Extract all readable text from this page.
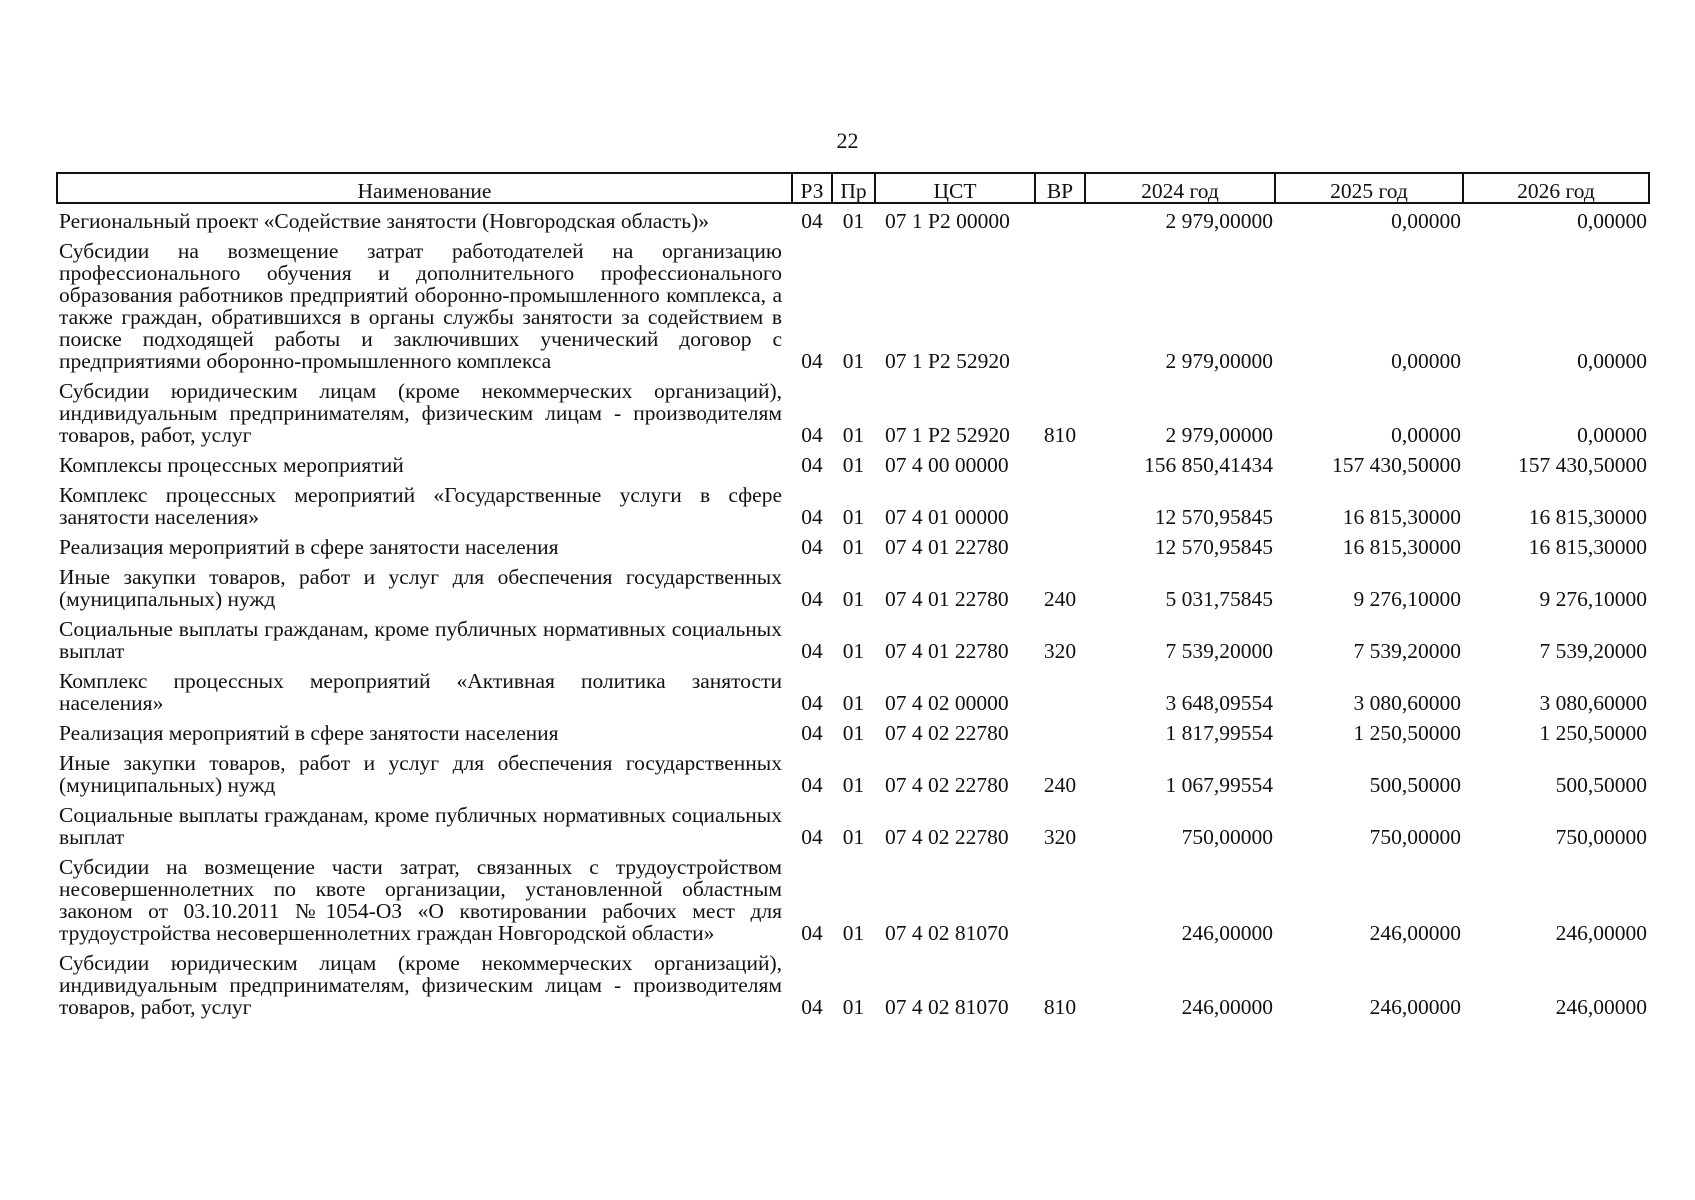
22
Наименование	РЗ	Пр	ЦСТ	ВР	2024 год	2025 год	2026 год
Региональный проект «Содействие занятости (Новгородская область)»	04	01	07 1 P2 00000		2 979,00000	0,00000	0,00000
Субсидии на возмещение затрат работодателей на организацию профессионального обучения и дополнительного профессионального образования работников предприятий оборонно-промышленного комплекса, а также граждан, обратившихся в органы службы занятости за содействием в поиске подходящей работы и заключивших ученический договор с предприятиями оборонно-промышленного комплекса	04	01	07 1 P2 52920		2 979,00000	0,00000	0,00000
Субсидии юридическим лицам (кроме некоммерческих организаций), индивидуальным предпринимателям, физическим лицам - производителям товаров, работ, услуг	04	01	07 1 P2 52920	810	2 979,00000	0,00000	0,00000
Комплексы процессных мероприятий	04	01	07 4 00 00000		156 850,41434	157 430,50000	157 430,50000
Комплекс процессных мероприятий «Государственные услуги в сфере занятости населения»	04	01	07 4 01 00000		12 570,95845	16 815,30000	16 815,30000
Реализация мероприятий в сфере занятости населения	04	01	07 4 01 22780		12 570,95845	16 815,30000	16 815,30000
Иные закупки товаров, работ и услуг для обеспечения государственных (муниципальных) нужд	04	01	07 4 01 22780	240	5 031,75845	9 276,10000	9 276,10000
Социальные выплаты гражданам, кроме публичных нормативных социальных выплат	04	01	07 4 01 22780	320	7 539,20000	7 539,20000	7 539,20000
Комплекс процессных мероприятий «Активная политика занятости населения»	04	01	07 4 02 00000		3 648,09554	3 080,60000	3 080,60000
Реализация мероприятий в сфере занятости населения	04	01	07 4 02 22780		1 817,99554	1 250,50000	1 250,50000
Иные закупки товаров, работ и услуг для обеспечения государственных (муниципальных) нужд	04	01	07 4 02 22780	240	1 067,99554	500,50000	500,50000
Социальные выплаты гражданам, кроме публичных нормативных социальных выплат	04	01	07 4 02 22780	320	750,00000	750,00000	750,00000
Субсидии на возмещение части затрат, связанных с трудоустройством несовершеннолетних по квоте организации, установленной областным законом от 03.10.2011 №1054-ОЗ «О квотировании рабочих мест для трудоустройства несовершеннолетних граждан Новгородской области»	04	01	07 4 02 81070		246,00000	246,00000	246,00000
Субсидии юридическим лицам (кроме некоммерческих организаций), индивидуальным предпринимателям, физическим лицам - производителям товаров, работ, услуг	04	01	07 4 02 81070	810	246,00000	246,00000	246,00000
